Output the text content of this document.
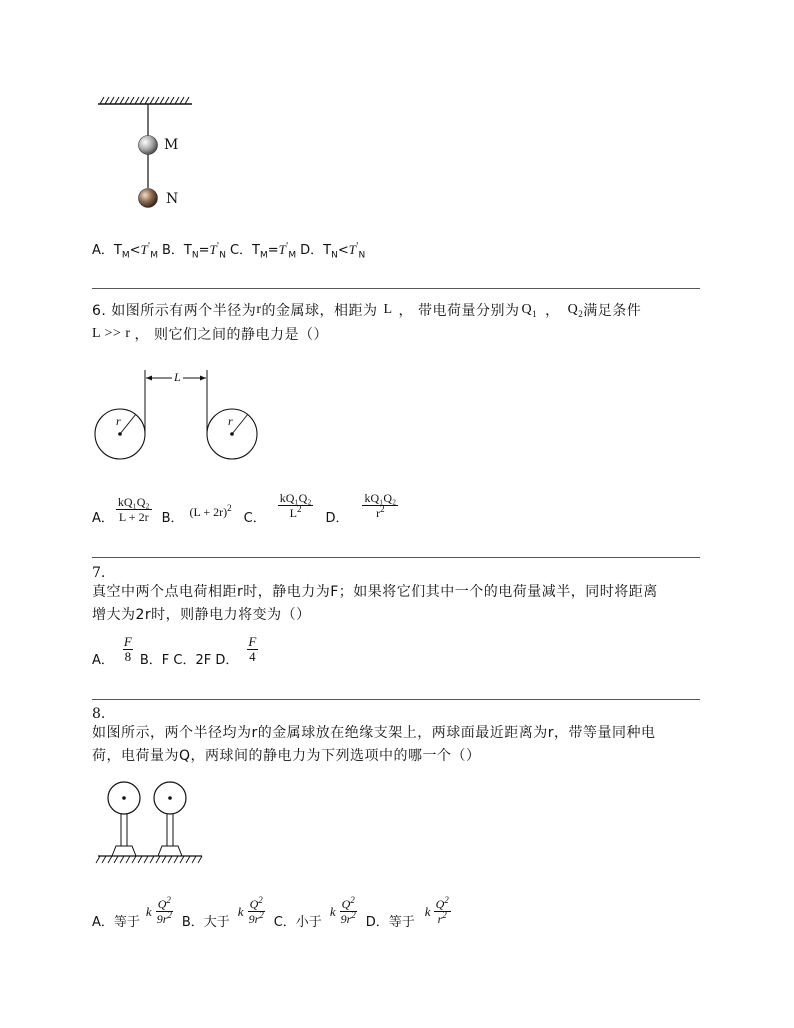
M
N
A．$T_M<T'_M$ B．$T_N=T'_N$ C．$T_M=T'_M$ D．$T_N<T'_N$
6. 如图所示有两个半径为 r 的金属球，相距为 L ， 带电荷量分别为 $Q_1$ ， $Q_2$ 满足条件
L >> r ， 则它们之间的静电力是（）
L
r	r
A． $\frac{\text{kQ₁Q₂}}{L + 2r}$ B． $(L + 2r)^2$
C． $\frac{\text{kQ₁Q₂}}{L^2}$ D． $\frac{\text{kQ₁Q₂}}{r^2}$
7.
真空中两个点电荷相距r时，静电力为F；如果将它们其中一个的电荷量减半，同时将距离
增大为2r时，则静电力将变为（）
A． $\frac{F}{8}$ B．F C．2F D． $\frac{F}{4}$
8.
如图所示，两个半径均为r的金属球放在绝缘支架上，两球面最近距离为r，带等量同种电
荷，电荷量为Q，两球间的静电力为下列选项中的哪一个（）
A．等于
k $\frac{Q^2}{9r^2}$ B．大于
k $\frac{Q^2}{9r^2}$ C．小于
k $\frac{Q^2}{9r^2}$ D．等于
k $\frac{Q^2}{r^2}$
